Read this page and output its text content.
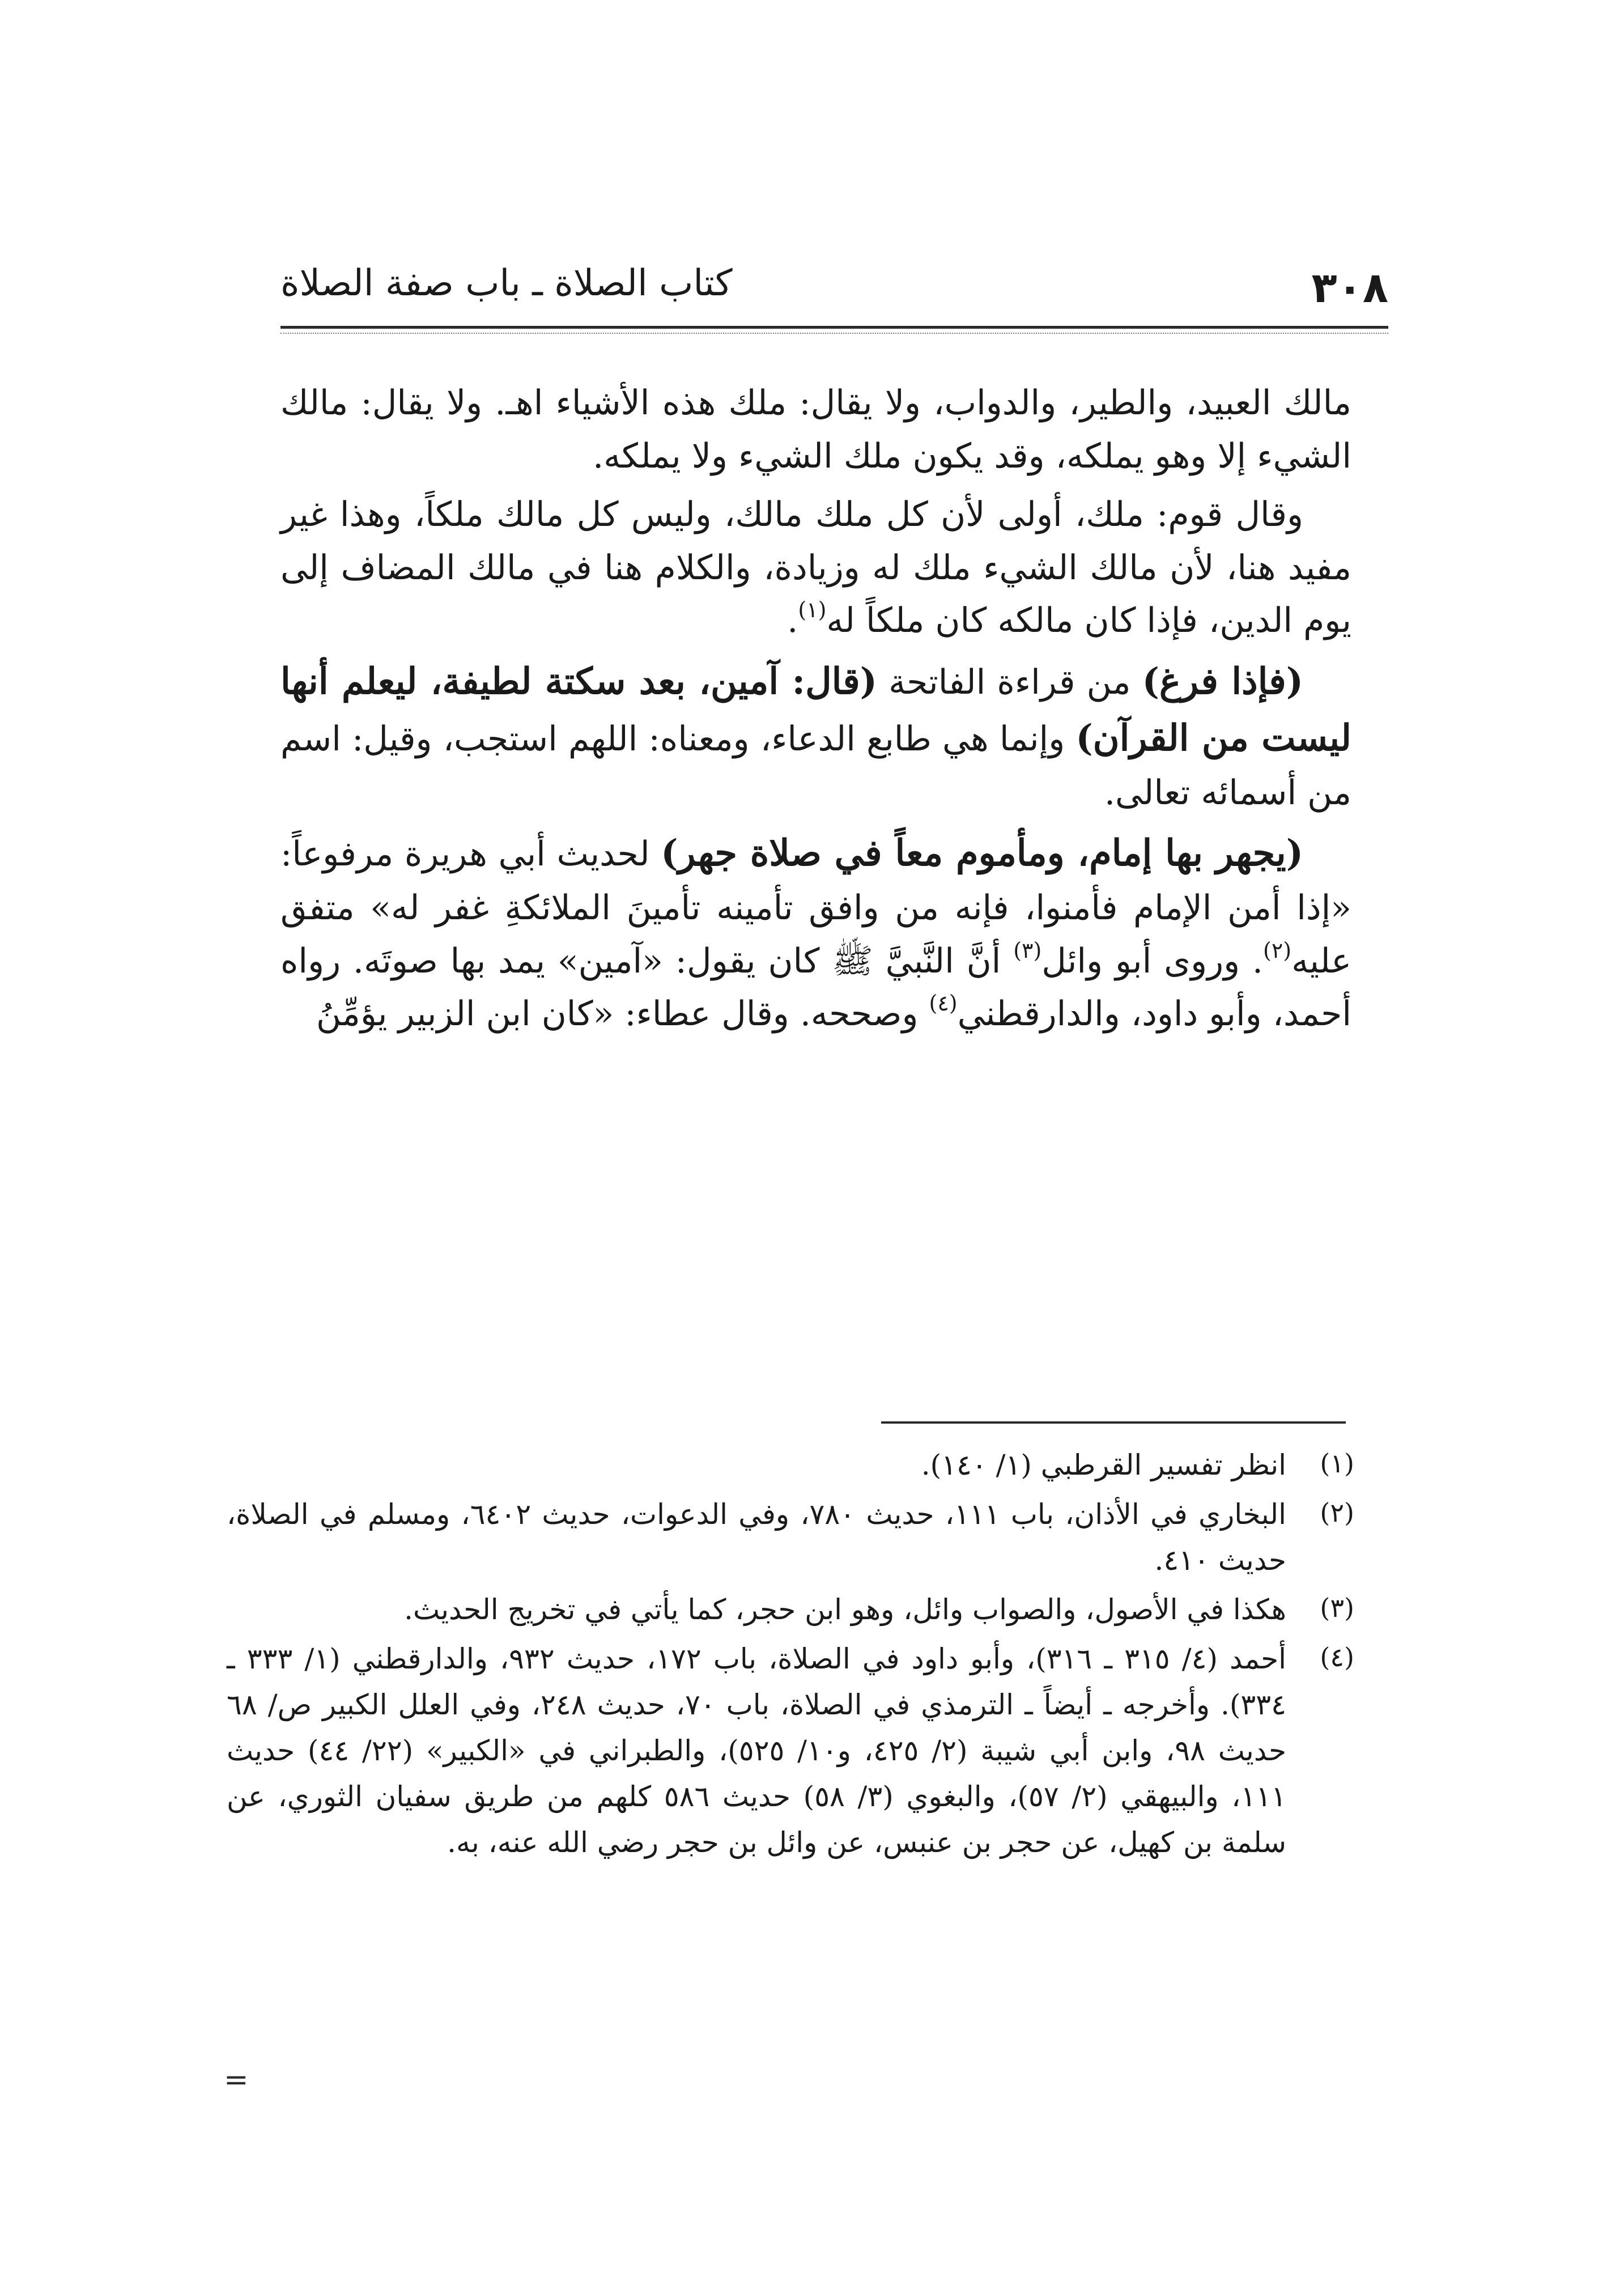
٣٠٨
كتاب الصلاة ـ باب صفة الصلاة

مالك العبيد، والطير، والدواب، ولا يقال: ملك هذه الأشياء اهـ. ولا يقال: مالك الشيء إلا وهو يملكه، وقد يكون ملك الشيء ولا يملكه.

وقال قوم: ملك، أولى لأن كل ملك مالك، وليس كل مالك ملكاً، وهذا غير مفيد هنا، لأن مالك الشيء ملك له وزيادة، والكلام هنا في مالك المضاف إلى يوم الدين، فإذا كان مالكه كان ملكاً له$^{(١)}$.

(فإذا فرغ) من قراءة الفاتحة (قال: آمين، بعد سكتة لطيفة، ليعلم أنها ليست من القرآن) وإنما هي طابع الدعاء، ومعناه: اللهم استجب، وقيل: اسم من أسمائه تعالى.

(يجهر بها إمام، ومأموم معاً في صلاة جهر) لحديث أبي هريرة مرفوعاً: «إذا أمن الإمام فأمنوا، فإنه من وافق تأمينه تأمينَ الملائكةِ غفر له» متفق عليه$^{(٢)}$. وروى أبو وائل$^{(٣)}$ أنَّ النَّبيَّ ﷺ كان يقول: «آمين» يمد بها صوتَه. رواه أحمد، وأبو داود، والدارقطني$^{(٤)}$ وصححه. وقال عطاء: «كان ابن الزبير يؤمِّنُ

(١)
انظر تفسير القرطبي (١/ ١٤٠).
(٢)
البخاري في الأذان، باب ١١١، حديث ٧٨٠، وفي الدعوات، حديث ٦٤٠٢، ومسلم في الصلاة، حديث ٤١٠.
(٣)
هكذا في الأصول، والصواب وائل، وهو ابن حجر، كما يأتي في تخريج الحديث.
(٤)
أحمد (٤/ ٣١٥ ـ ٣١٦)، وأبو داود في الصلاة، باب ١٧٢، حديث ٩٣٢، والدارقطني (١/ ٣٣٣ ـ ٣٣٤). وأخرجه ـ أيضاً ـ الترمذي في الصلاة، باب ٧٠، حديث ٢٤٨، وفي العلل الكبير ص/ ٦٨ حديث ٩٨، وابن أبي شيبة (٢/ ٤٢٥، و١٠/ ٥٢٥)، والطبراني في «الكبير» (٢٢/ ٤٤) حديث ١١١، والبيهقي (٢/ ٥٧)، والبغوي (٣/ ٥٨) حديث ٥٨٦ كلهم من طريق سفيان الثوري، عن سلمة بن كهيل، عن حجر بن عنبس، عن وائل بن حجر رضي الله عنه، به.
=
